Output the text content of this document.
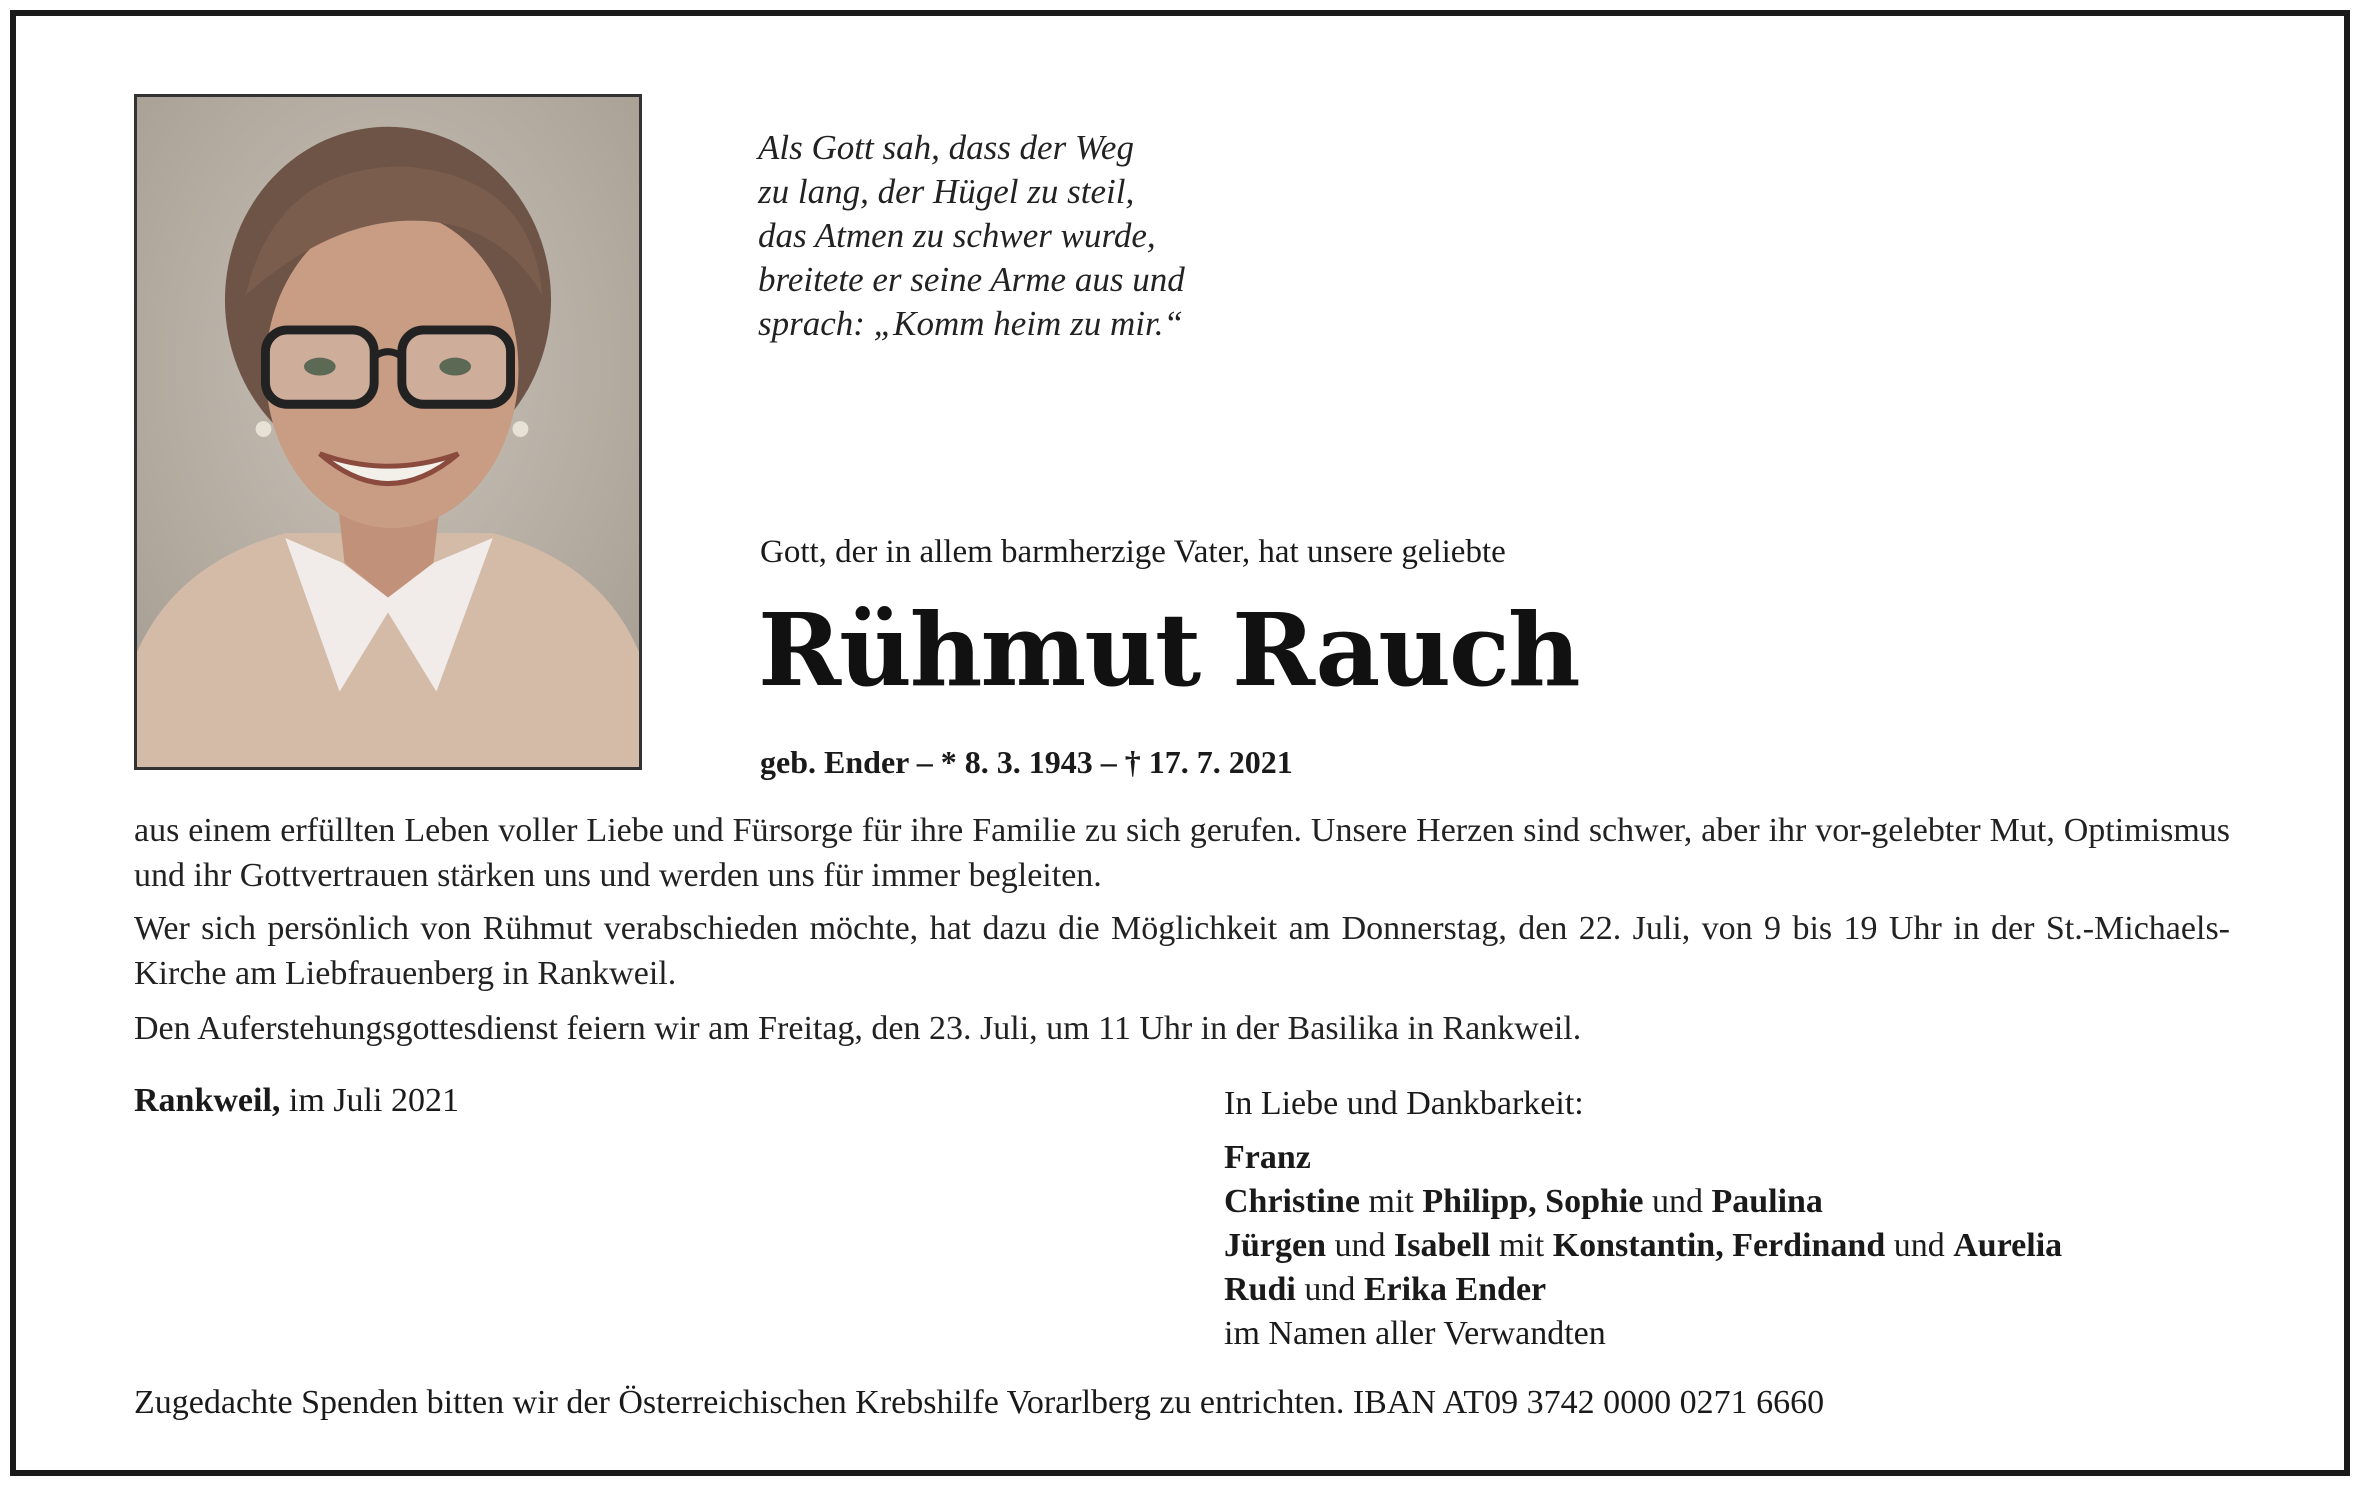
Als Gott sah, dass der Weg
zu lang, der Hügel zu steil,
das Atmen zu schwer wurde,
breitete er seine Arme aus und
sprach: „Komm heim zu mir.“

Gott, der in allem barmherzige Vater, hat unsere geliebte

Rühmut Rauch

geb. Ender – * 8. 3. 1943 – † 17. 7. 2021

aus einem erfüllten Leben voller Liebe und Fürsorge für ihre Familie zu sich gerufen. Unsere Herzen sind schwer, aber ihr vor-gelebter Mut, Optimismus und ihr Gottvertrauen stärken uns und werden uns für immer begleiten.

Wer sich persönlich von Rühmut verabschieden möchte, hat dazu die Möglichkeit am Donnerstag, den 22. Juli, von 9 bis 19 Uhr in der St.-Michaels-Kirche am Liebfrauenberg in Rankweil.

Den Auferstehungsgottesdienst feiern wir am Freitag, den 23. Juli, um 11 Uhr in der Basilika in Rankweil.

Rankweil, im Juli 2021	In Liebe und Dankbarkeit:
Franz
Christine mit Philipp, Sophie und Paulina
Jürgen und Isabell mit Konstantin, Ferdinand und Aurelia
Rudi und Erika Ender
im Namen aller Verwandten

Zugedachte Spenden bitten wir der Österreichischen Krebshilfe Vorarlberg zu entrichten. IBAN AT09 3742 0000 0271 6660
